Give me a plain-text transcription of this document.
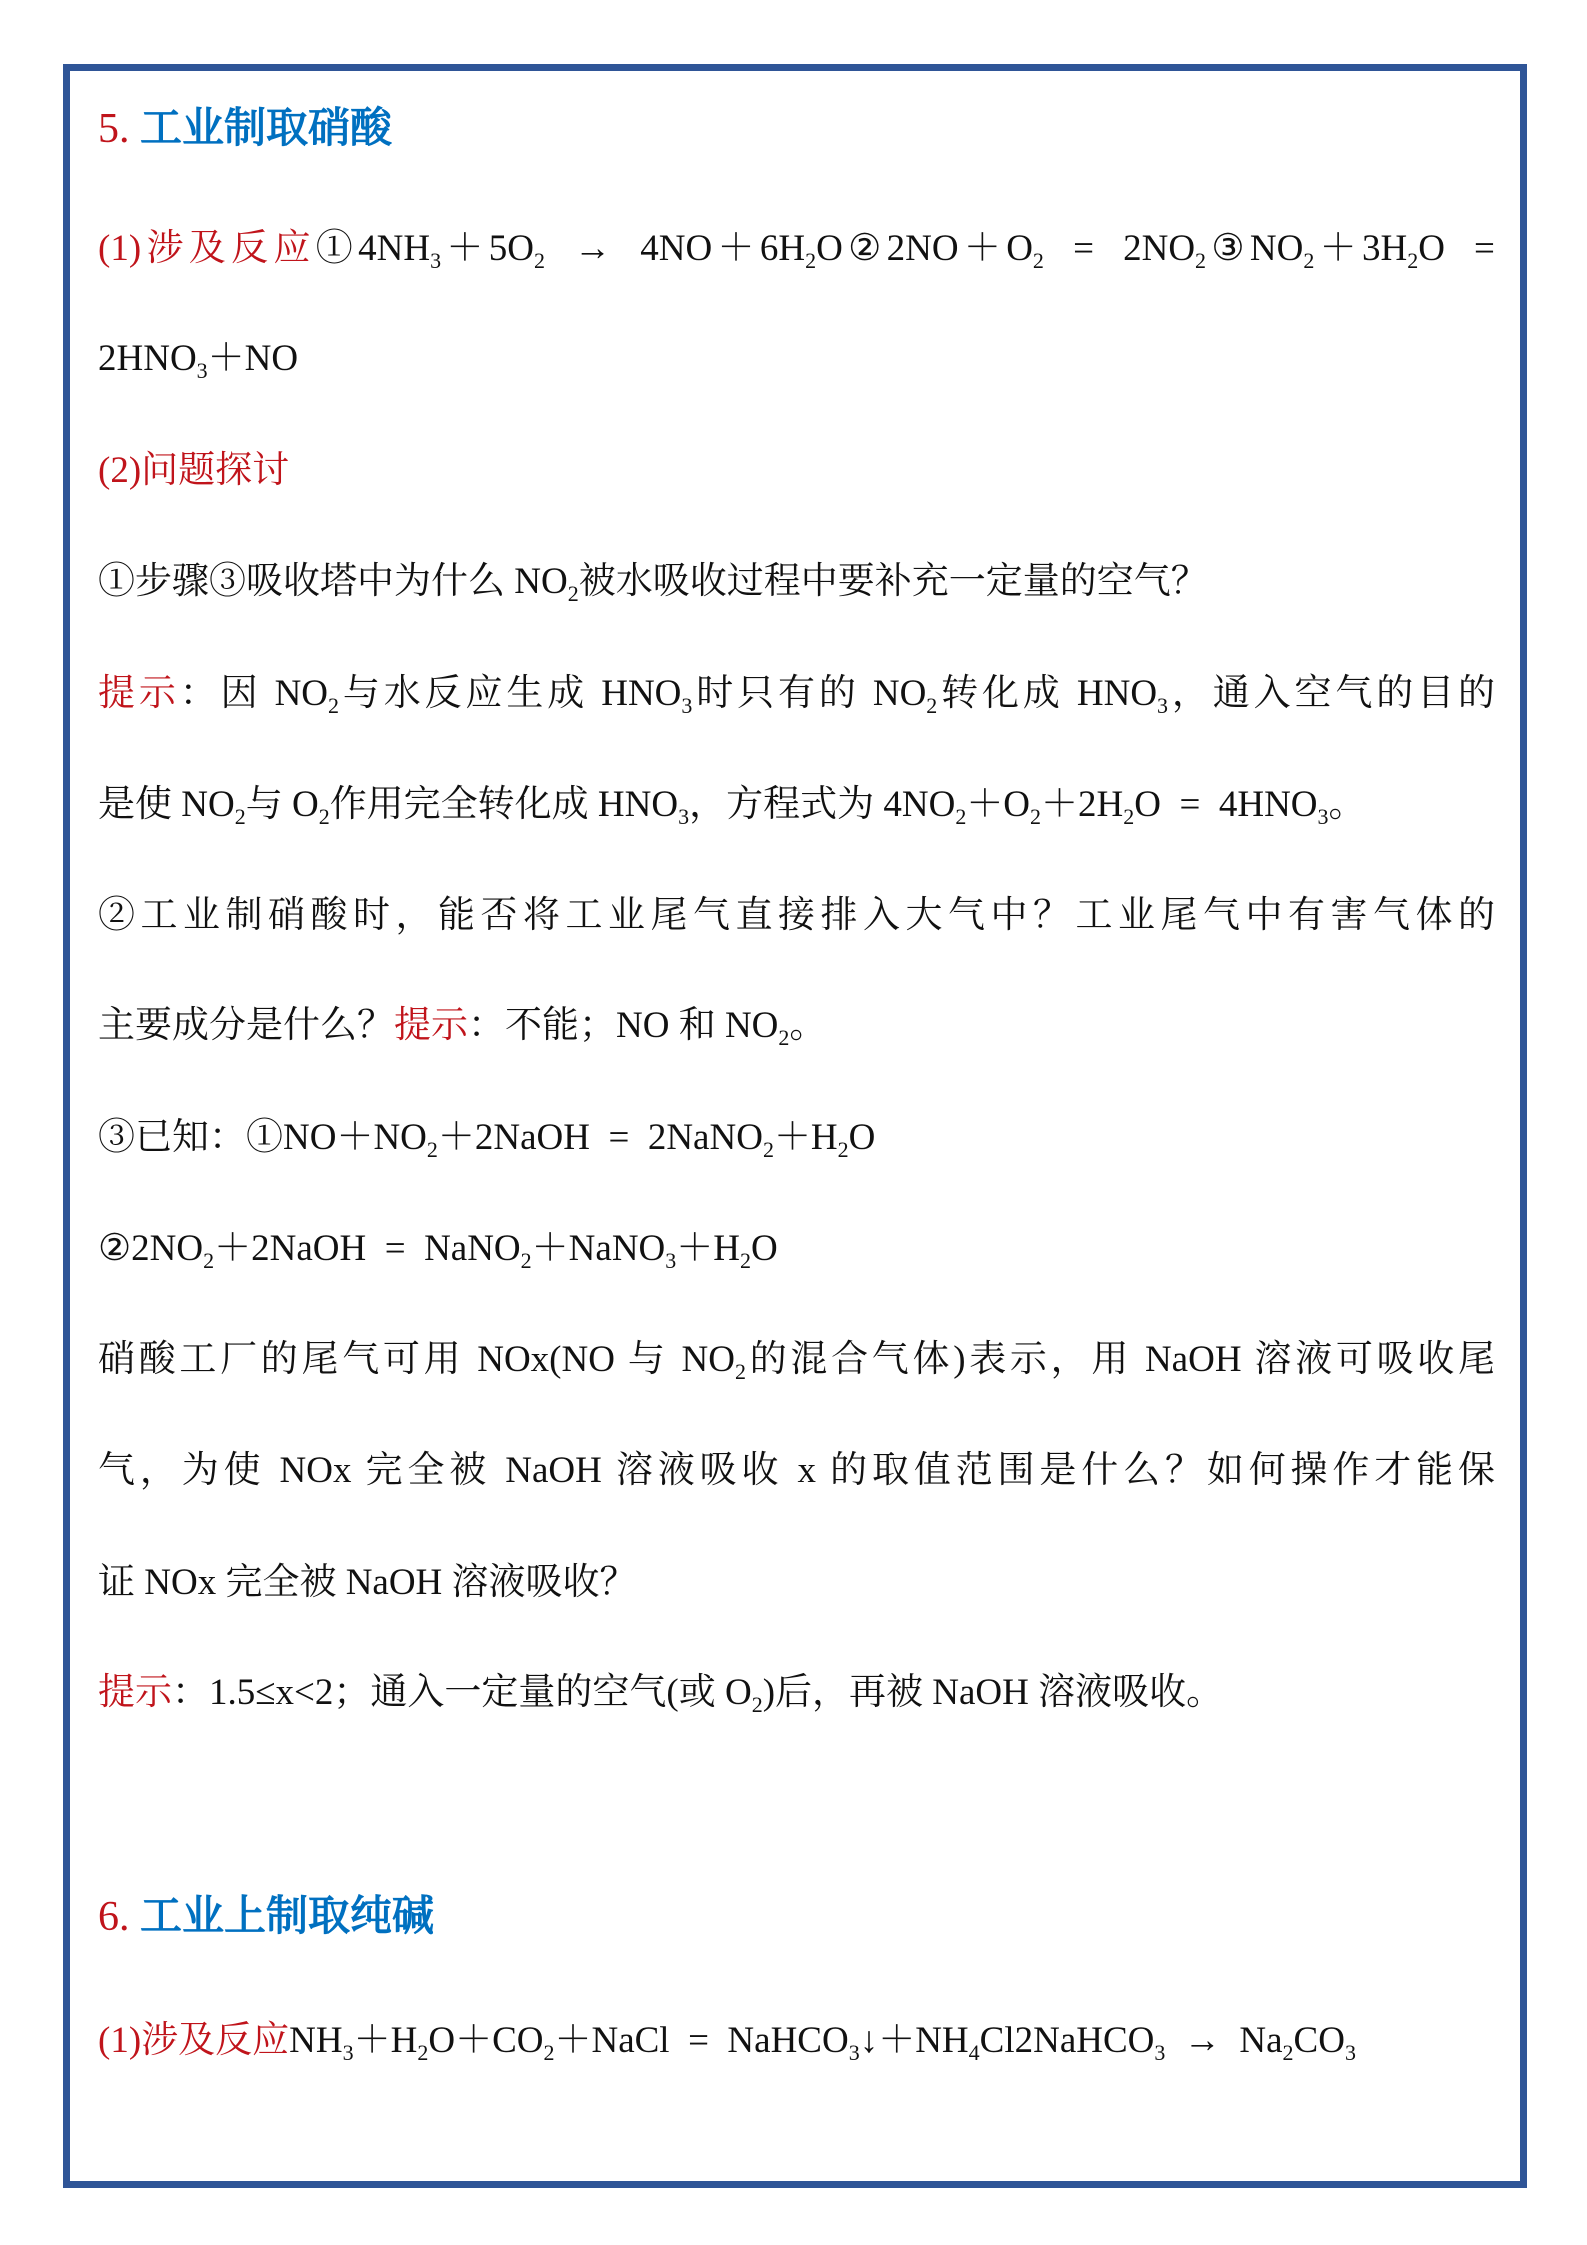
5. 工业制取硝酸
(1)涉及反应$①4NH_3+5O_2$  →  $4NO+6H_2O②2NO+O_2$  =  $2NO_2③NO_2+3H_2O$  =
$2HNO_3+NO$
(2)问题探讨
①步骤③吸收塔中为什么 $NO_2$被水吸收过程中要补充一定量的空气？
提示：因 $NO_2$与水反应生成 $HNO_3$时只有的 $NO_2$转化成 $HNO_3$，通入空气的目的
是使 $NO_2$与 $O_2$作用完全转化成 $HNO_3$，方程式为 $4NO_2+O_2+2H_2O = 4HNO_3$。
②工业制硝酸时，能否将工业尾气直接排入大气中？工业尾气中有害气体的
主要成分是什么？提示：不能；NO 和 $NO_2$。
③已知：$①NO+NO_2+2NaOH$  =  $2NaNO_2+H_2O$
$②2NO_2+2NaOH$  =  $NaNO_2+NaNO_3+H_2O$
硝酸工厂的尾气可用 NOx(NO 与 $NO_2$的混合气体)表示，用 NaOH 溶液可吸收尾
气，为使 NOx 完全被 NaOH 溶液吸收 x 的取值范围是什么？如何操作才能保
证 NOx 完全被 NaOH 溶液吸收？
提示：1.5≤x<2；通入一定量的空气(或 $O_2$)后，再被 NaOH 溶液吸收。
6. 工业上制取纯碱
(1)涉及反应$NH_3+H_2O+CO_2+NaCl$  =  $NaHCO_3↓+NH_4Cl2NaHCO_3 \to Na_2CO_3$
